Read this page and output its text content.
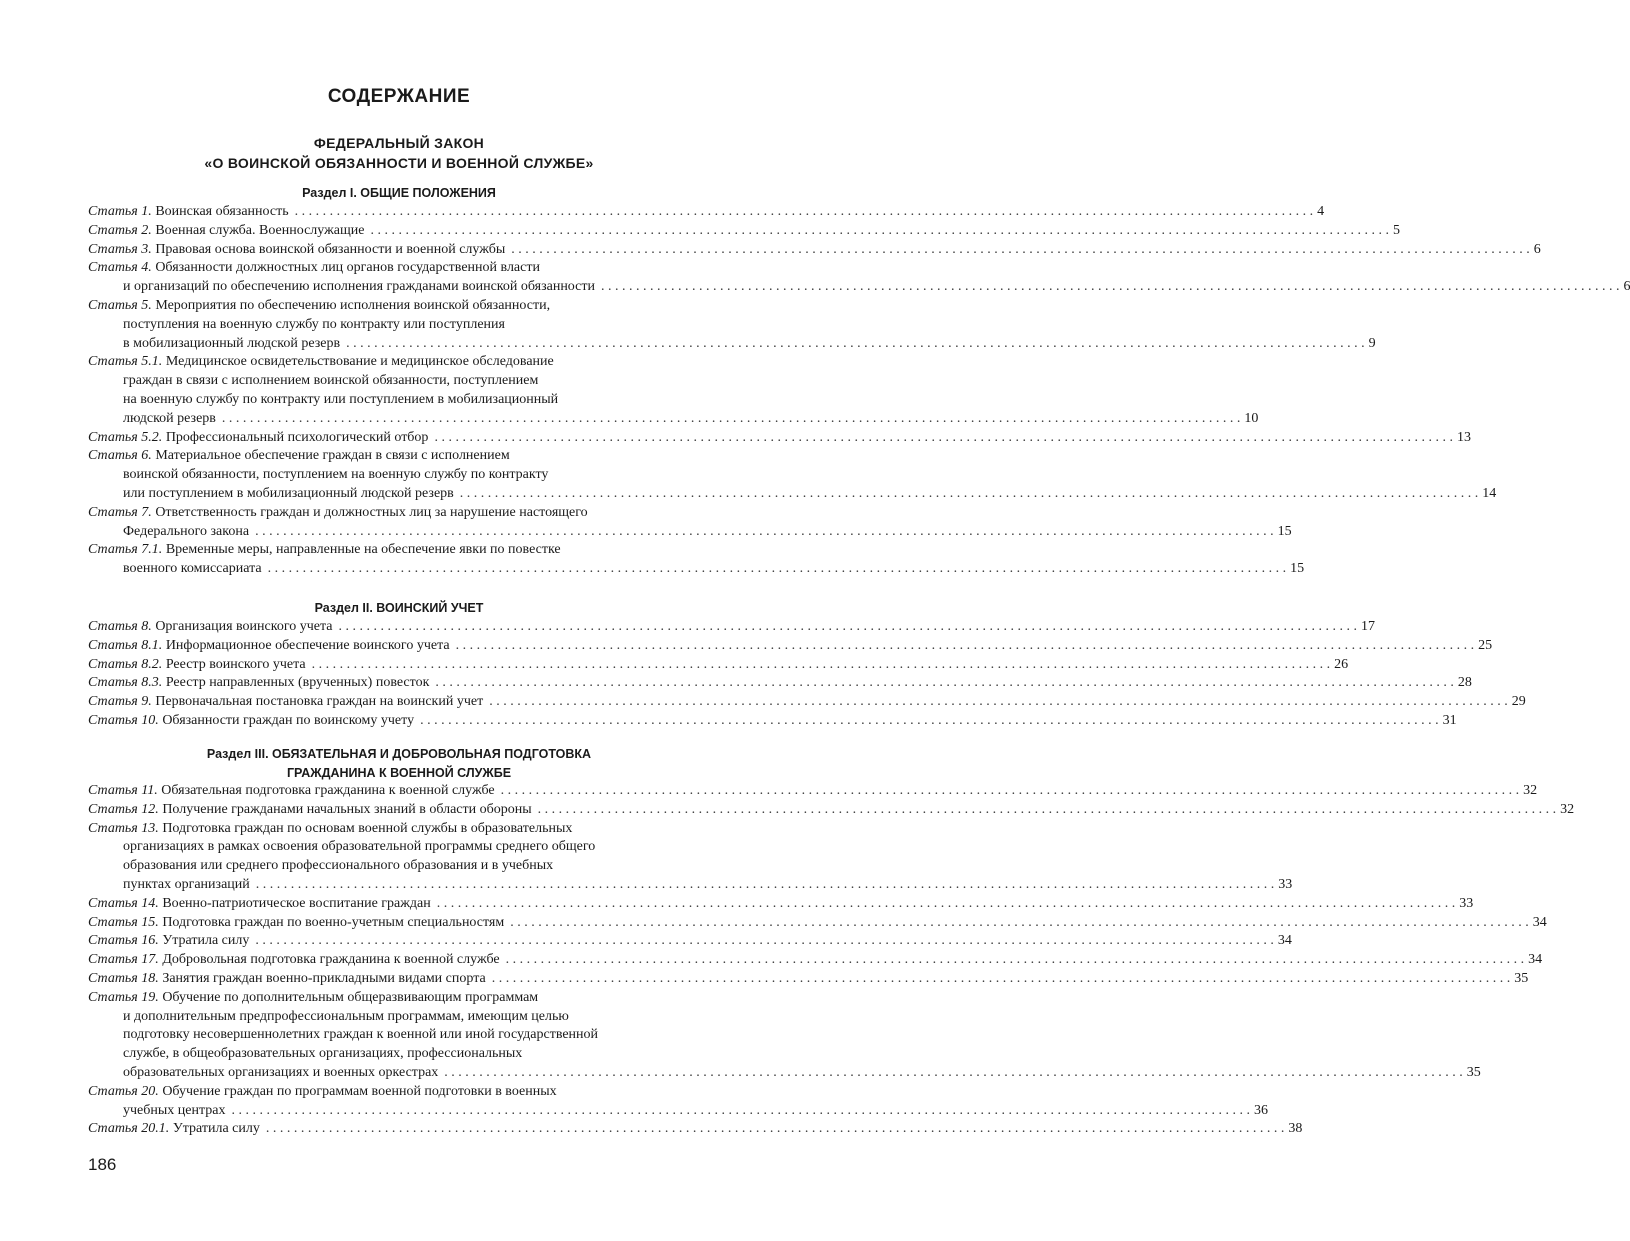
СОДЕРЖАНИЕ
ФЕДЕРАЛЬНЫЙ ЗАКОН
«О ВОИНСКОЙ ОБЯЗАННОСТИ И ВОЕННОЙ СЛУЖБЕ»
Раздел I. ОБЩИЕ ПОЛОЖЕНИЯ
Статья 1. Воинская обязанность . . .	4
Статья 2. Военная служба. Военнослужащие . . .	5
Статья 3. Правовая основа воинской обязанности и военной службы . . .	6
Статья 4. Обязанности должностных лиц органов государственной власти
и организаций по обеспечению исполнения гражданами воинской обязанности . . .	6
Статья 5. Мероприятия по обеспечению исполнения воинской обязанности,
поступления на военную службу по контракту или поступления
в мобилизационный людской резерв . . .	9
Статья 5.1. Медицинское освидетельствование и медицинское обследование
граждан в связи с исполнением воинской обязанности, поступлением
на военную службу по контракту или поступлением в мобилизационный
людской резерв . . .	10
Статья 5.2. Профессиональный психологический отбор . . .	13
Статья 6. Материальное обеспечение граждан в связи с исполнением
воинской обязанности, поступлением на военную службу по контракту
или поступлением в мобилизационный людской резерв . . .	14
Статья 7. Ответственность граждан и должностных лиц за нарушение настоящего
Федерального закона . . .	15
Статья 7.1. Временные меры, направленные на обеспечение явки по повестке
военного комиссариата . . .	15
Раздел II. ВОИНСКИЙ УЧЕТ
Статья 8. Организация воинского учета . . .	17
Статья 8.1. Информационное обеспечение воинского учета . . .	25
Статья 8.2. Реестр воинского учета . . .	26
Статья 8.3. Реестр направленных (врученных) повесток . . .	28
Статья 9. Первоначальная постановка граждан на воинский учет . . .	29
Статья 10. Обязанности граждан по воинскому учету . . .	31
Раздел III. ОБЯЗАТЕЛЬНАЯ И ДОБРОВОЛЬНАЯ ПОДГОТОВКА
ГРАЖДАНИНА К ВОЕННОЙ СЛУЖБЕ
Статья 11. Обязательная подготовка гражданина к военной службе . . .	32
Статья 12. Получение гражданами начальных знаний в области обороны . . .	32
Статья 13. Подготовка граждан по основам военной службы в образовательных
организациях в рамках освоения образовательной программы среднего общего
образования или среднего профессионального образования и в учебных
пунктах организаций . . .	33
Статья 14. Военно-патриотическое воспитание граждан . . .	33
Статья 15. Подготовка граждан по военно-учетным специальностям . . .	34
Статья 16. Утратила силу . . .	34
Статья 17. Добровольная подготовка гражданина к военной службе . . .	34
Статья 18. Занятия граждан военно-прикладными видами спорта . . .	35
Статья 19. Обучение по дополнительным общеразвивающим программам
и дополнительным предпрофессиональным программам, имеющим целью
подготовку несовершеннолетних граждан к военной или иной государственной
службе, в общеобразовательных организациях, профессиональных
образовательных организациях и военных оркестрах . . .	35
Статья 20. Обучение граждан по программам военной подготовки в военных
учебных центрах . . .	36
Статья 20.1. Утратила силу . . .	38
186
